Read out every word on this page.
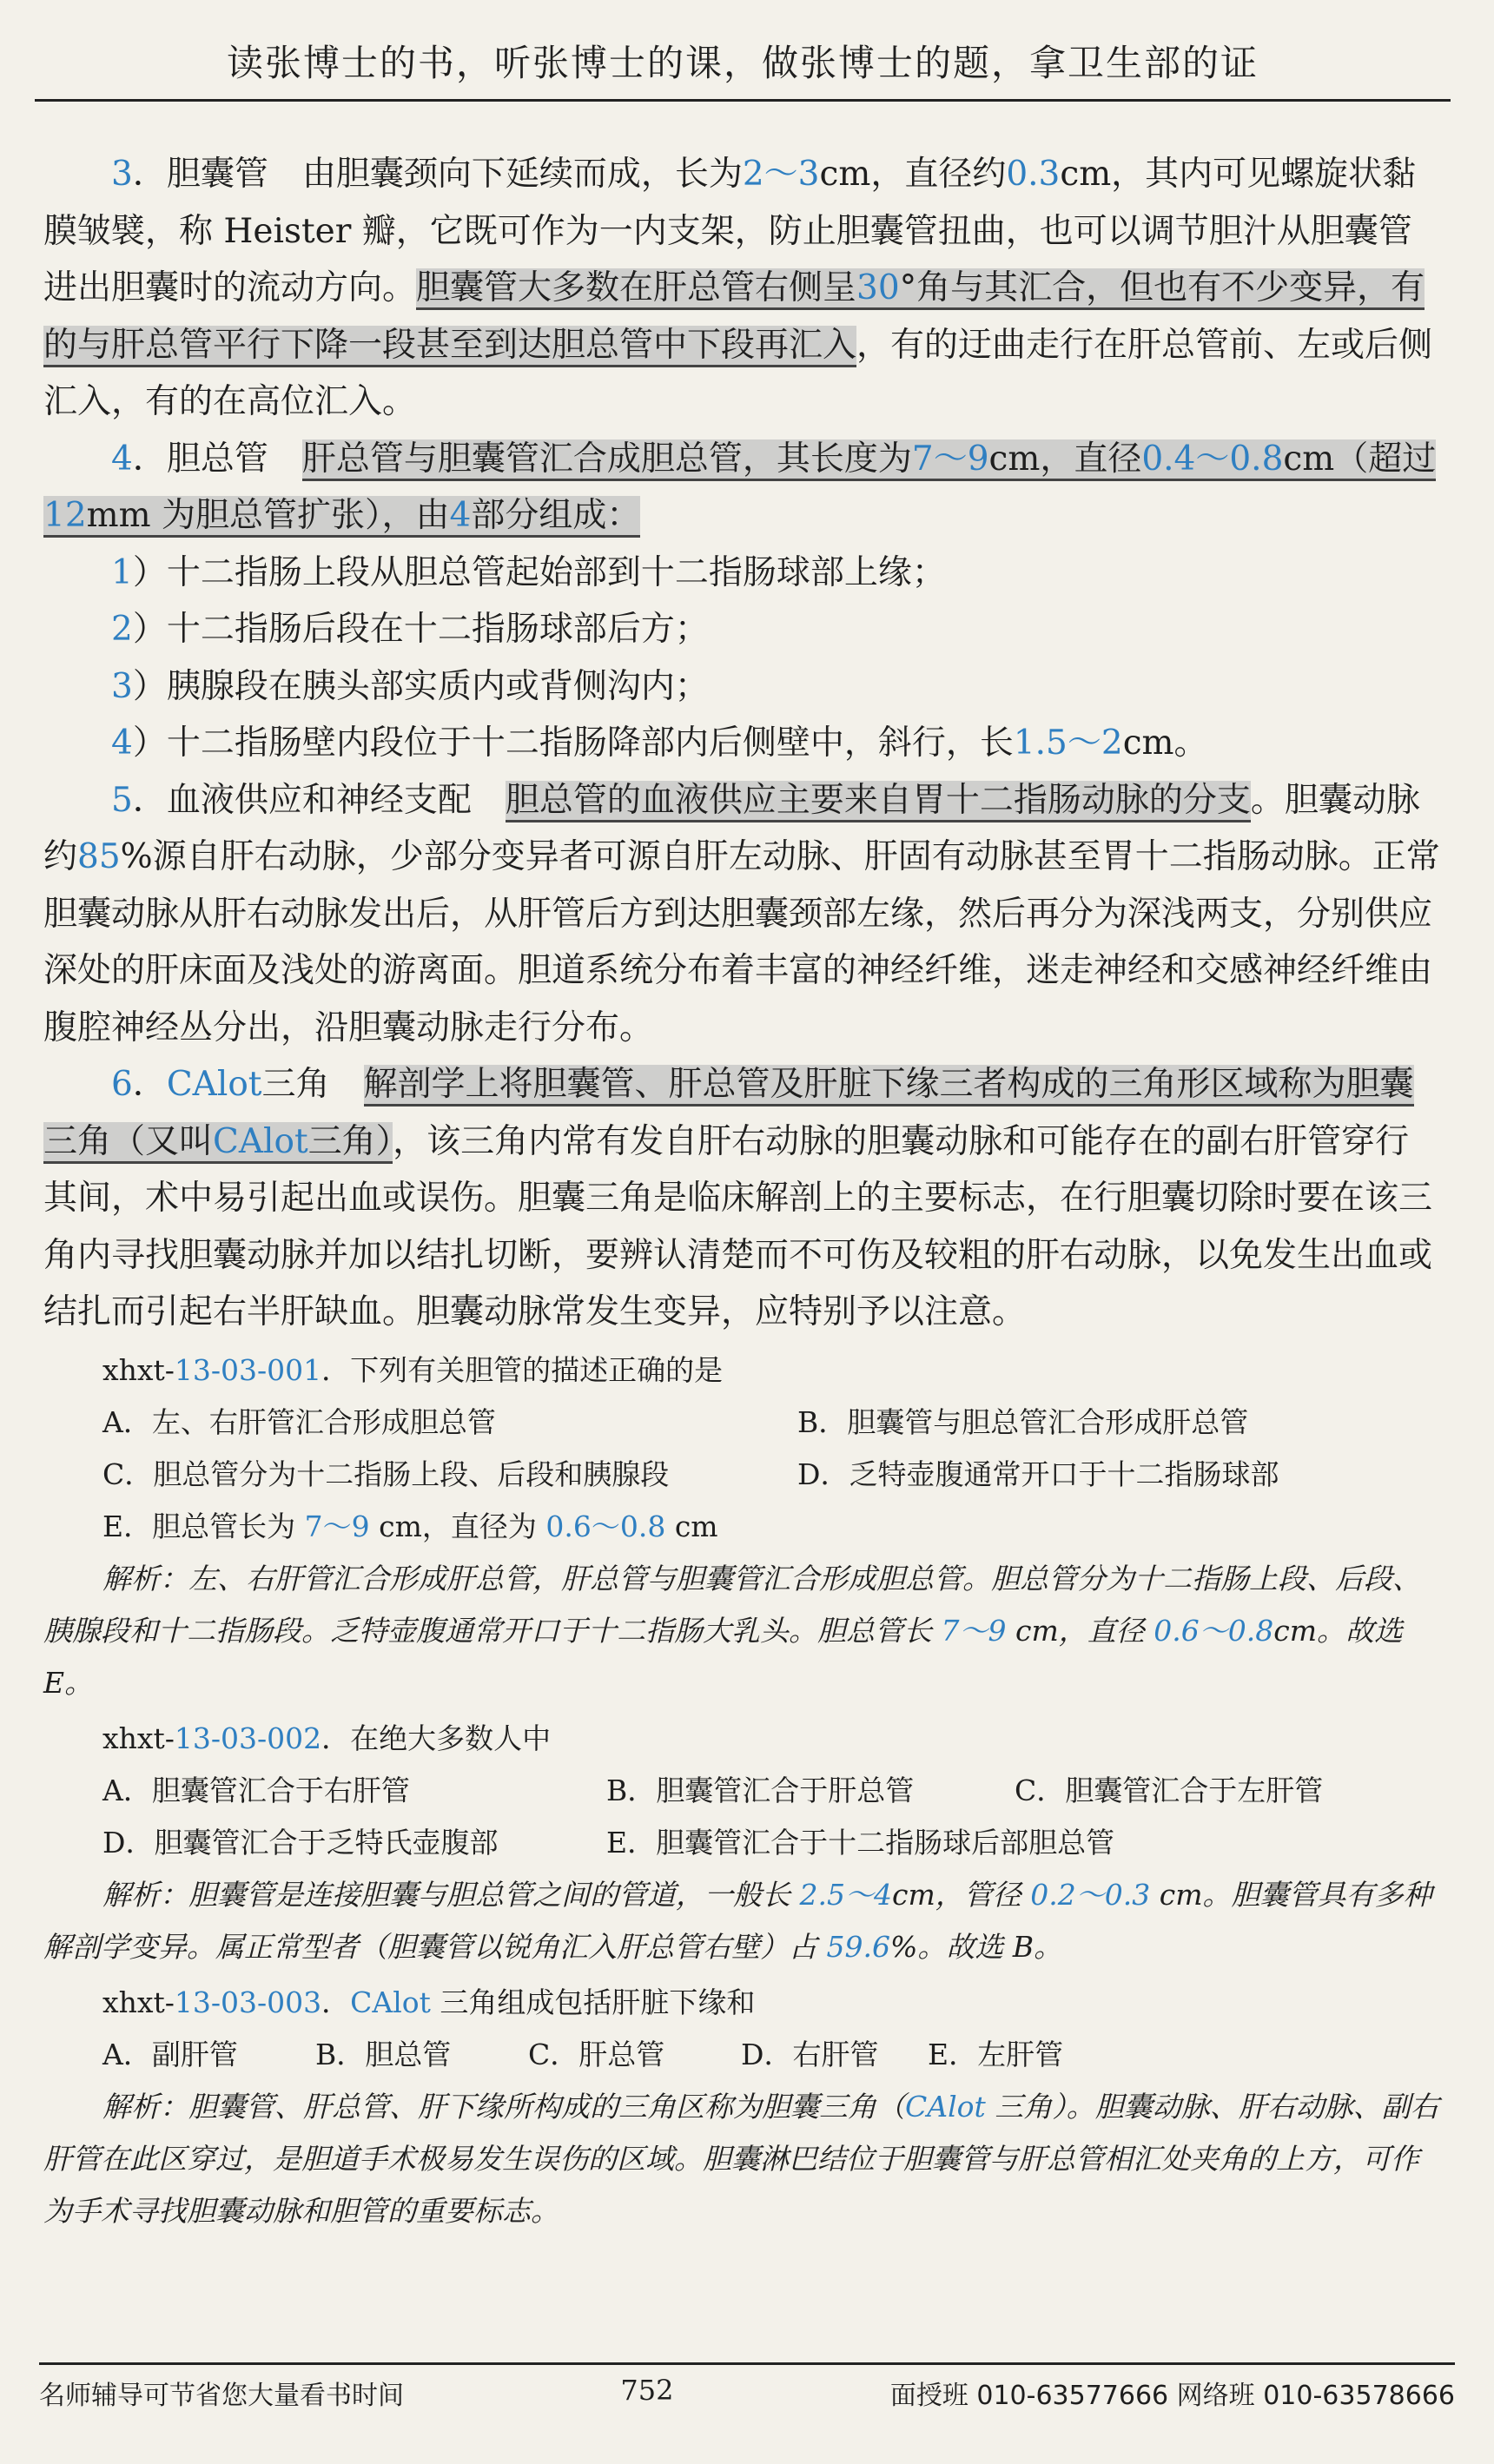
读张博士的书，听张博士的课，做张博士的题，拿卫生部的证

3．胆囊管　由胆囊颈向下延续而成，长为2～3cm，直径约0.3cm，其内可见螺旋状黏膜皱襞，称 Heister 瓣，它既可作为一内支架，防止胆囊管扭曲，也可以调节胆汁从胆囊管进出胆囊时的流动方向。胆囊管大多数在肝总管右侧呈30°角与其汇合，但也有不少变异，有的与肝总管平行下降一段甚至到达胆总管中下段再汇入，有的迂曲走行在肝总管前、左或后侧汇入，有的在高位汇入。

4．胆总管　 肝总管与胆囊管汇合成胆总管，其长度为7～9cm，直径0.4～0.8cm（超过12mm 为胆总管扩张），由4部分组成：

1）十二指肠上段从胆总管起始部到十二指肠球部上缘；

2）十二指肠后段在十二指肠球部后方；

3）胰腺段在胰头部实质内或背侧沟内；

4）十二指肠壁内段位于十二指肠降部内后侧壁中，斜行，长1.5～2cm。

5．血液供应和神经支配　 胆总管的血液供应主要来自胃十二指肠动脉的分支。胆囊动脉约85%源自肝右动脉，少部分变异者可源自肝左动脉、肝固有动脉甚至胃十二指肠动脉。正常胆囊动脉从肝右动脉发出后，从肝管后方到达胆囊颈部左缘，然后再分为深浅两支，分别供应深处的肝床面及浅处的游离面。胆道系统分布着丰富的神经纤维，迷走神经和交感神经纤维由腹腔神经丛分出，沿胆囊动脉走行分布。

6．CAlot三角　 解剖学上将胆囊管、肝总管及肝脏下缘三者构成的三角形区域称为胆囊三角（又叫CAlot三角），该三角内常有发自肝右动脉的胆囊动脉和可能存在的副右肝管穿行其间，术中易引起出血或误伤。胆囊三角是临床解剖上的主要标志，在行胆囊切除时要在该三角内寻找胆囊动脉并加以结扎切断，要辨认清楚而不可伤及较粗的肝右动脉，以免发生出血或结扎而引起右半肝缺血。胆囊动脉常发生变异，应特别予以注意。

xhxt-13-03-001．下列有关胆管的描述正确的是

A．左、右肝管汇合形成胆总管	B．胆囊管与胆总管汇合形成肝总管

C．胆总管分为十二指肠上段、后段和胰腺段	D．乏特壶腹通常开口于十二指肠球部

E．胆总管长为 7～9 cm，直径为 0.6～0.8 cm

解析：左、右肝管汇合形成肝总管，肝总管与胆囊管汇合形成胆总管。胆总管分为十二指肠上段、后段、胰腺段和十二指肠段。乏特壶腹通常开口于十二指肠大乳头。胆总管长 7～9 cm，直径 0.6～0.8cm。故选 E。

xhxt-13-03-002．在绝大多数人中

A．胆囊管汇合于右肝管	B．胆囊管汇合于肝总管	C．胆囊管汇合于左肝管

D．胆囊管汇合于乏特氏壶腹部	E．胆囊管汇合于十二指肠球后部胆总管

解析：胆囊管是连接胆囊与胆总管之间的管道，一般长 2.5～4cm，管径 0.2～0.3 cm。胆囊管具有多种解剖学变异。属正常型者（胆囊管以锐角汇入肝总管右壁）占 59.6%。故选 B。

xhxt-13-03-003．CAlot 三角组成包括肝脏下缘和

A．副肝管	B．胆总管	C．肝总管	D．右肝管	E．左肝管

解析：胆囊管、肝总管、肝下缘所构成的三角区称为胆囊三角（CAlot 三角）。胆囊动脉、肝右动脉、副右肝管在此区穿过，是胆道手术极易发生误伤的区域。胆囊淋巴结位于胆囊管与肝总管相汇处夹角的上方，可作为手术寻找胆囊动脉和胆管的重要标志。

名师辅导可节省您大量看书时间	752	面授班 010-63577666 网络班 010-63578666
